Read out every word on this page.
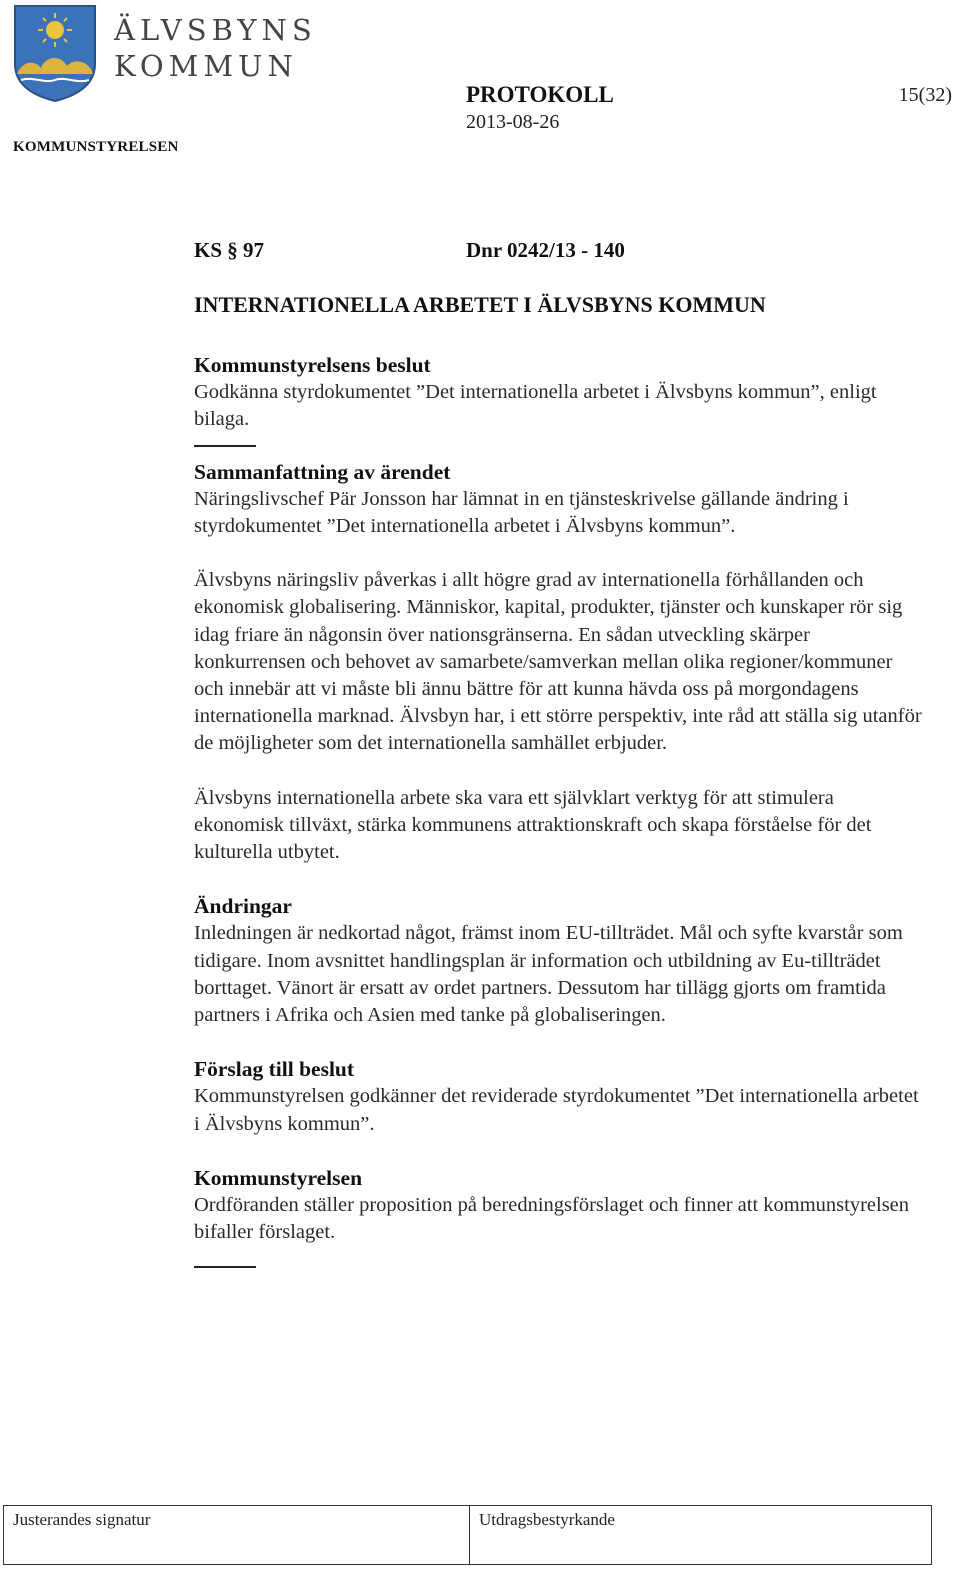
ÄLVSBYNS
KOMMUN
KOMMUNSTYRELSEN
PROTOKOLL
2013-08-26
15(32)
KS § 97	Dnr 0242/13 - 140
INTERNATIONELLA ARBETET I ÄLVSBYNS KOMMUN
Kommunstyrelsens beslut

Godkänna styrdokumentet ”Det internationella arbetet i Älvsbyns kommun”, enligt bilaga.

Sammanfattning av ärendet

Näringslivschef Pär Jonsson har lämnat in en tjänsteskrivelse gällande ändring i styrdokumentet ”Det internationella arbetet i Älvsbyns kommun”.

Älvsbyns näringsliv påverkas i allt högre grad av internationella förhållanden och ekonomisk globalisering. Människor, kapital, produkter, tjänster och kunskaper rör sig idag friare än någonsin över nationsgränserna. En sådan utveckling skärper konkurrensen och behovet av samarbete/samverkan mellan olika regioner/kommuner och innebär att vi måste bli ännu bättre för att kunna hävda oss på morgondagens internationella marknad. Älvsbyn har, i ett större perspektiv, inte råd att ställa sig utanför de möjligheter som det internationella samhället erbjuder.

Älvsbyns internationella arbete ska vara ett självklart verktyg för att stimulera ekonomisk tillväxt, stärka kommunens attraktionskraft och skapa förståelse för det kulturella utbytet.

Ändringar

Inledningen är nedkortad något, främst inom EU-tillträdet. Mål och syfte kvarstår som tidigare. Inom avsnittet handlingsplan är information och utbildning av Eu-tillträdet borttaget. Vänort är ersatt av ordet partners. Dessutom har tillägg gjorts om framtida partners i Afrika och Asien med tanke på globaliseringen.

Förslag till beslut

Kommunstyrelsen godkänner det reviderade styrdokumentet ”Det internationella arbetet i Älvsbyns kommun”.

Kommunstyrelsen

Ordföranden ställer proposition på beredningsförslaget och finner att kommunstyrelsen bifaller förslaget.

Justerandes signatur	Utdragsbestyrkande
